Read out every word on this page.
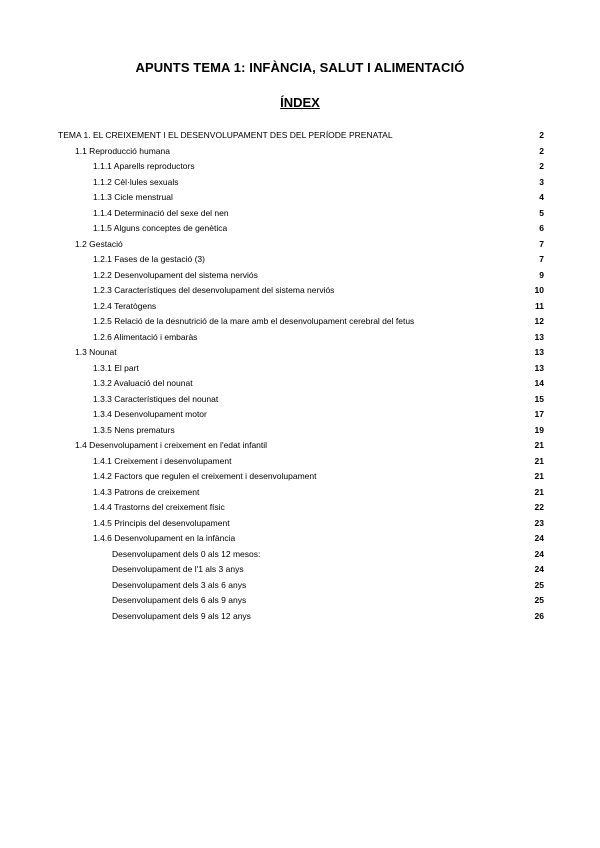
APUNTS TEMA 1: INFÀNCIA, SALUT I ALIMENTACIÓ
ÍNDEX
TEMA 1. EL CREIXEMENT I EL DESENVOLUPAMENT DES DEL PERÍODE PRENATAL	2
1.1 Reproducció humana	2
1.1.1 Aparells reproductors	2
1.1.2 Cèl·lules sexuals	3
1.1.3 Cicle menstrual	4
1.1.4 Determinació del sexe del nen	5
1.1.5 Alguns conceptes de genètica	6
1.2 Gestació	7
1.2.1 Fases de la gestació (3)	7
1.2.2 Desenvolupament del sistema nerviós	9
1.2.3 Característiques del desenvolupament del sistema nerviós	10
1.2.4 Teratògens	11
1.2.5 Relació de la desnutrició de la mare amb el desenvolupament cerebral del fetus	12
1.2.6 Alimentació i embaràs	13
1.3 Nounat	13
1.3.1 El part	13
1.3.2 Avaluació del nounat	14
1.3.3 Característiques del nounat	15
1.3.4 Desenvolupament motor	17
1.3.5 Nens prematurs	19
1.4 Desenvolupament i creixement en l'edat infantil	21
1.4.1 Creixement i desenvolupament	21
1.4.2 Factors que regulen el creixement i desenvolupament	21
1.4.3 Patrons de creixement	21
1.4.4 Trastorns del creixement físic	22
1.4.5 Principis del desenvolupament	23
1.4.6 Desenvolupament en la infància	24
Desenvolupament dels 0 als 12 mesos:	24
Desenvolupament de l'1 als 3 anys	24
Desenvolupament dels 3 als 6 anys	25
Desenvolupament dels 6 als 9 anys	25
Desenvolupament dels 9 als 12 anys	26
